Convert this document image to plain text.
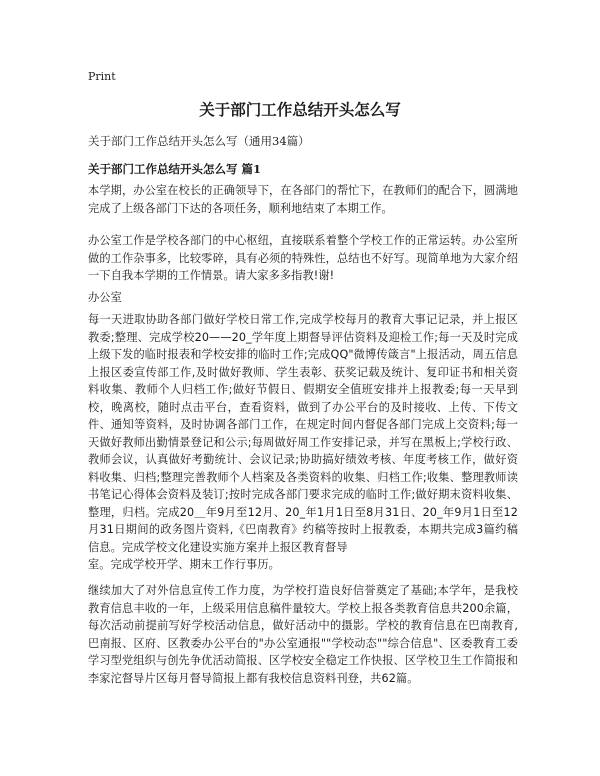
Print
关于部门工作总结开头怎么写
关于部门工作总结开头怎么写（通用34篇）
关于部门工作总结开头怎么写 篇1

本学期，办公室在校长的正确领导下，在各部门的帮忙下，在教师们的配合下，圆满地完成了上级各部门下达的各项任务，顺利地结束了本期工作。

办公室工作是学校各部门的中心枢纽，直接联系着整个学校工作的正常运转。办公室所做的工作杂事多，比较零碎，具有必须的特殊性，总结也不好写。现简单地为大家介绍一下自我本学期的工作情景。请大家多多指教!谢!

办公室

每一天进取协助各部门做好学校日常工作,完成学校每月的教育大事记记录，并上报区教委;整理、完成学校20——20_学年度上期督导评估资料及迎检工作;每一天及时完成上级下发的临时报表和学校安排的临时工作;完成QQ"微博传箴言"上报活动，周五信息上报区委宣传部工作,及时做好教师、学生表彰、获奖记载及统计、复印证书和相关资料收集、教师个人归档工作;做好节假日、假期安全值班安排并上报教委;每一天早到校，晚离校，随时点击平台，查看资料，做到了办公平台的及时接收、上传、下传文件、通知等资料，及时协调各部门工作，在规定时间内督促各部门完成上交资料;每一天做好教师出勤情景登记和公示;每周做好周工作安排记录，并写在黑板上;学校行政、教师会议，认真做好考勤统计、会议记录;协助搞好绩效考核、年度考核工作，做好资料收集、归档;整理完善教师个人档案及各类资料的收集、归档工作;收集、整理教师读书笔记心得体会资料及装订;按时完成各部门要求完成的临时工作;做好期末资料收集、整理，归档。完成20＿年9月至12月、20_年1月1日至8月31日、20_年9月1日至12月31日期间的政务图片资料,《巴南教育》约稿等按时上报教委，本期共完成3篇约稿信息。完成学校文化建设实施方案并上报区教育督导

室。完成学校开学、期末工作行事历。

继续加大了对外信息宣传工作力度，为学校打造良好信誉奠定了基础;本学年，是我校教育信息丰收的一年，上级采用信息稿件量较大。学校上报各类教育信息共200余篇，每次活动前提前写好学校活动信息，做好活动中的摄影。学校的教育信息在巴南教育,巴南报、区府、区教委办公平台的"办公室通报""学校动态""综合信息"、区委教育工委学习型党组织与创先争优活动简报、区学校安全稳定工作快报、区学校卫生工作简报和李家沱督导片区每月督导简报上都有我校信息资料刊登，共62篇。
